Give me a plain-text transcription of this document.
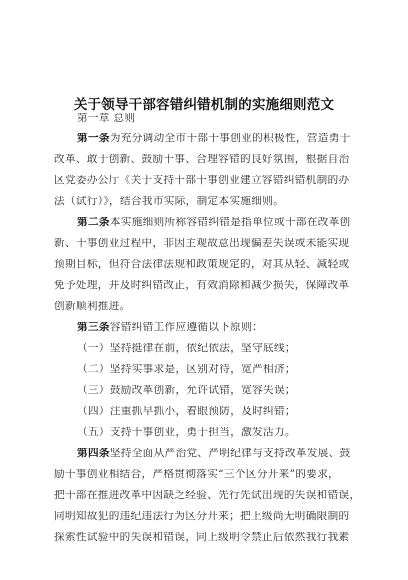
关于领导干部容错纠错机制的实施细则范文
第一章 总则
第一条为充分调动全市干部干事创业的积极性，营造勇于
改革、敢于创新、鼓励干事、合理容错的良好氛围，根据自治
区党委办公厅《关于支持干部干事创业建立容错纠错机制的办
法（试行）》，结合我市实际，制定本实施细则。
第二条本实施细则所称容错纠错是指单位或干部在改革创
新、干事创业过程中，非因主观故意出现偏差失误或未能实现
预期目标，但符合法律法规和政策规定的，对其从轻、减轻或
免予处理，并及时纠错改正，有效消除和减少损失，保障改革
创新顺利推进。
第三条容错纠错工作应遵循以下原则：
（一）坚持挺律在前，依纪依法，坚守底线；
（二）坚持实事求是，区别对待，宽严相济；
（三）鼓励改革创新，允许试错，宽容失误；
（四）注重抓早抓小，着眼预防，及时纠错；
（五）支持干事创业，勇于担当，激发活力。
第四条坚持全面从严治党、严明纪律与支持改革发展、鼓
励干事创业相结合，严格贯彻落实“三个区分开来”的要求，
把干部在推进改革中因缺乏经验、先行先试出现的失误和错误，
同明知故犯的违纪违法行为区分开来；把上级尚无明确限制的
探索性试验中的失误和错误，同上级明令禁止后依然我行我素
